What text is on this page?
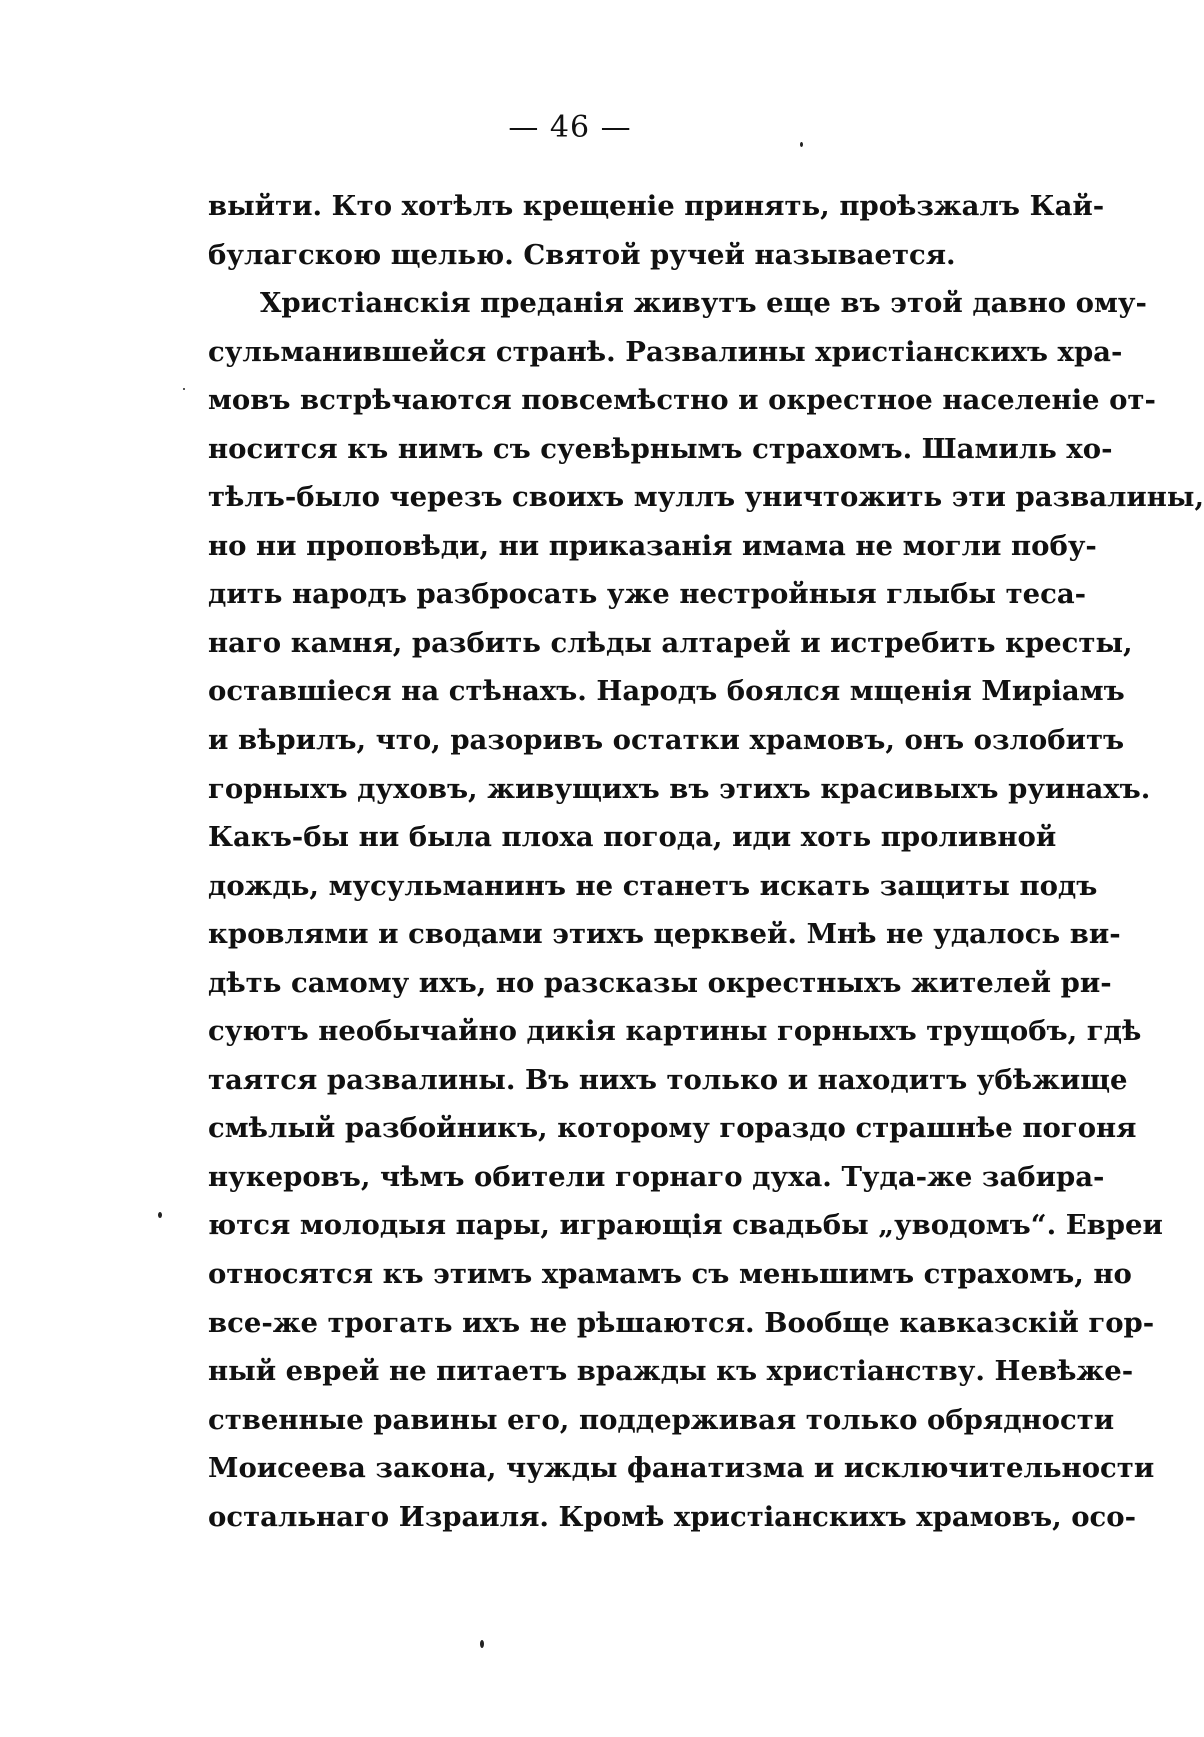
— 46 —
выйти. Кто хотѣлъ крещеніе принять, проѣзжалъ Кай-
булагскою щелью. Святой ручей называется.
Христіанскія преданія живутъ еще въ этой давно ому-
сульманившейся странѣ. Развалины христіанскихъ хра-
мовъ встрѣчаются повсемѣстно и окрестное населеніе от-
носится къ нимъ съ суевѣрнымъ страхомъ. Шамиль хо-
тѣлъ-было черезъ своихъ муллъ уничтожить эти развалины,
но ни проповѣди, ни приказанія имама не могли побу-
дить народъ разбросать уже нестройныя глыбы теса-
наго камня, разбить слѣды алтарей и истребить кресты,
оставшіеся на стѣнахъ. Народъ боялся мщенія Миріамъ
и вѣрилъ, что, разоривъ остатки храмовъ, онъ озлобитъ
горныхъ духовъ, живущихъ въ этихъ красивыхъ руинахъ.
Какъ-бы ни была плоха погода, иди хоть проливной
дождь, мусульманинъ не станетъ искать защиты подъ
кровлями и сводами этихъ церквей. Мнѣ не удалось ви-
дѣть самому ихъ, но разсказы окрестныхъ жителей ри-
суютъ необычайно дикія картины горныхъ трущобъ, гдѣ
таятся развалины. Въ нихъ только и находитъ убѣжище
смѣлый разбойникъ, которому гораздо страшнѣе погоня
нукеровъ, чѣмъ обители горнаго духа. Туда-же забира-
ются молодыя пары, играющія свадьбы „уводомъ“. Евреи
относятся къ этимъ храмамъ съ меньшимъ страхомъ, но
все-же трогать ихъ не рѣшаются. Вообще кавказскій гор-
ный еврей не питаетъ вражды къ христіанству. Невѣже-
ственные равины его, поддерживая только обрядности
Моисеева закона, чужды фанатизма и исключительности
остальнаго Израиля. Кромѣ христіанскихъ храмовъ, осо-
